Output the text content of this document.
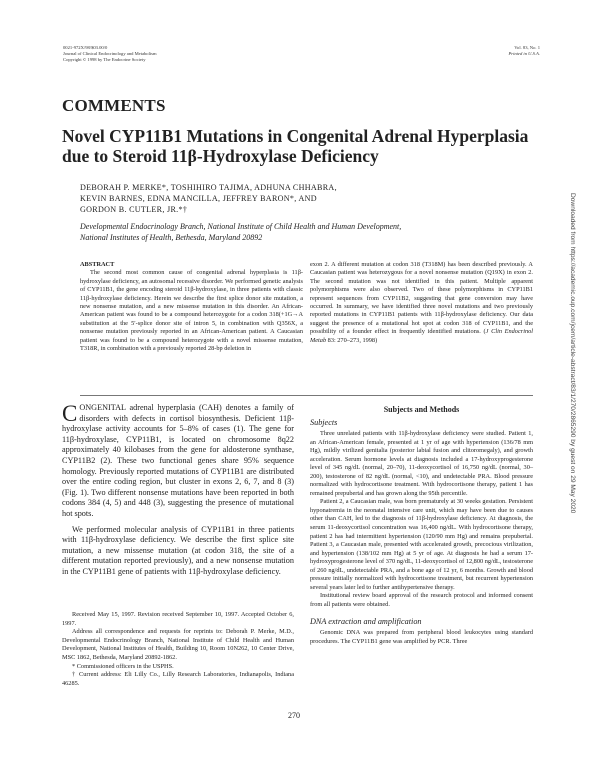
0021-972X/98/$03.00/0
Journal of Clinical Endocrinology and Metabolism
Copyright © 1998 by The Endocrine Society
Vol. 83, No. 1
Printed in U.S.A.
COMMENTS
Novel CYP11B1 Mutations in Congenital Adrenal Hyperplasia due to Steroid 11β-Hydroxylase Deficiency
DEBORAH P. MERKE*, TOSHIHIRO TAJIMA, ADHUNA CHHABRA,
KEVIN BARNES, EDNA MANCILLA, JEFFREY BARON*, AND
GORDON B. CUTLER, JR.*†
Developmental Endocrinology Branch, National Institute of Child Health and Human Development,
National Institutes of Health, Bethesda, Maryland 20892
ABSTRACT

The second most common cause of congenital adrenal hyperplasia is 11β-hydroxylase deficiency, an autosomal recessive disorder. We performed genetic analysis of CYP11B1, the gene encoding steroid 11β-hydroxylase, in three patients with classic 11β-hydroxylase deficiency. Herein we describe the first splice donor site mutation, a new nonsense mutation, and a new missense mutation in this disorder. An African-American patient was found to be a compound heterozygote for a codon 318(+1G→A substitution at the 5′-splice donor site of intron 5, in combination with Q356X, a nonsense mutation previously reported in an African-American patient. A Caucasian patient was found to be a compound heterozygote with a novel missense mutation, T318R, in combination with a previously reported 28-bp deletion in

exon 2. A different mutation at codon 318 (T318M) has been described previously. A Caucasian patient was heterozygous for a novel nonsense mutation (Q19X) in exon 2. The second mutation was not identified in this patient. Multiple apparent polymorphisms were also observed. Two of these polymorphisms in CYP11B1 represent sequences from CYP11B2, suggesting that gene conversion may have occurred. In summary, we have identified three novel mutations and two previously reported mutations in CYP11B1 patients with 11β-hydroxylase deficiency. Our data suggest the presence of a mutational hot spot at codon 318 of CYP11B1, and the possibility of a founder effect in frequently identified mutations. (J Clin Endocrinol Metab 83: 270–273, 1998)

CONGENITAL adrenal hyperplasia (CAH) denotes a family of disorders with defects in cortisol biosynthesis. Deficient 11β-hydroxylase activity accounts for 5–8% of cases (1). The gene for 11β-hydroxylase, CYP11B1, is located on chromosome 8q22 approximately 40 kilobases from the gene for aldosterone synthase, CYP11B2 (2). These two functional genes share 95% sequence homology. Previously reported mutations of CYP11B1 are distributed over the entire coding region, but cluster in exons 2, 6, 7, and 8 (3) (Fig. 1). Two different nonsense mutations have been reported in both codons 384 (4, 5) and 448 (3), suggesting the presence of mutational hot spots.

We performed molecular analysis of CYP11B1 in three patients with 11β-hydroxylase deficiency. We describe the first splice site mutation, a new missense mutation (at codon 318, the site of a different mutation reported previously), and a new nonsense mutation in the CYP11B1 gene of patients with 11β-hydroxylase deficiency.

Received May 15, 1997. Revision received September 10, 1997. Accepted October 6, 1997.

Address all correspondence and requests for reprints to: Deborah P. Merke, M.D., Developmental Endocrinology Branch, National Institute of Child Health and Human Development, National Institutes of Health, Building 10, Room 10N262, 10 Center Drive, MSC 1862, Bethesda, Maryland 20892-1862.

* Commissioned officers in the USPHS.

† Current address: Eli Lilly Co., Lilly Research Laboratories, Indianapolis, Indiana 46285.

Subjects and Methods
Subjects

Three unrelated patients with 11β-hydroxylase deficiency were studied. Patient 1, an African-American female, presented at 1 yr of age with hypertension (136/78 mm Hg), mildly virilized genitalia (posterior labial fusion and clitoromegaly), and growth acceleration. Serum hormone levels at diagnosis included a 17-hydroxyprogesterone level of 345 ng/dL (normal, 20–70), 11-deoxycortisol of 16,750 ng/dL (normal, 30–200), testosterone of 82 ng/dL (normal, <10), and undetectable PRA. Blood pressure normalized with hydrocortisone treatment. With hydrocortisone therapy, patient 1 has remained prepubertal and has grown along the 95th percentile.

Patient 2, a Caucasian male, was born prematurely at 30 weeks gestation. Persistent hyponatremia in the neonatal intensive care unit, which may have been due to causes other than CAH, led to the diagnosis of 11β-hydroxylase deficiency. At diagnosis, the serum 11-deoxycortisol concentration was 16,400 ng/dL. With hydrocortisone therapy, patient 2 has had intermittent hypertension (120/90 mm Hg) and remains prepubertal. Patient 3, a Caucasian male, presented with accelerated growth, precocious virilization, and hypertension (138/102 mm Hg) at 5 yr of age. At diagnosis he had a serum 17-hydroxyprogesterone level of 370 ng/dL, 11-deoxycortisol of 12,800 ng/dL, testosterone of 260 ng/dL, undetectable PRA, and a bone age of 12 yr, 6 months. Growth and blood pressure initially normalized with hydrocortisone treatment, but recurrent hypertension several years later led to further antihypertensive therapy.

Institutional review board approval of the research protocol and informed consent from all patients were obtained.

DNA extraction and amplification

Genomic DNA was prepared from peripheral blood leukocytes using standard procedures. The CYP11B1 gene was amplified by PCR. Three

270
Downloaded from https://academic.oup.com/jcem/article-abstract/83/1/270/2865290 by guest on 29 May 2020
